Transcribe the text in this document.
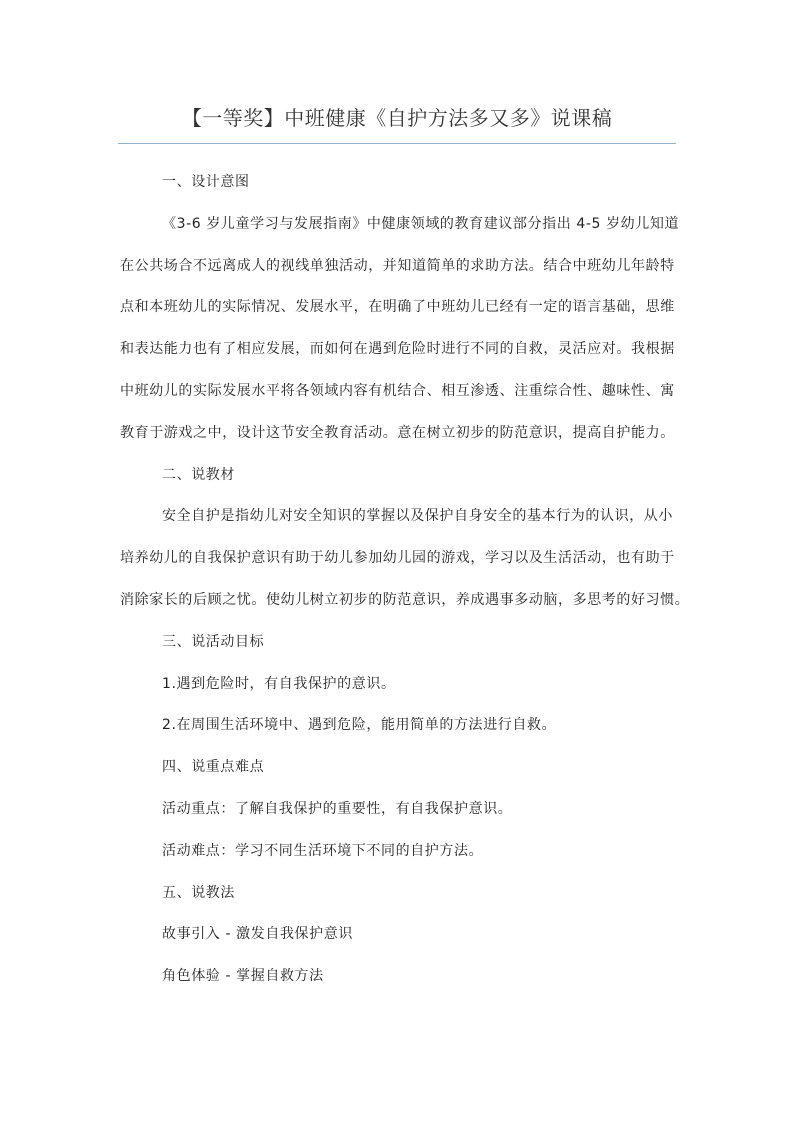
【一等奖】中班健康《自护方法多又多》说课稿
一、设计意图
《3-6 岁儿童学习与发展指南》中健康领域的教育建议部分指出 4-5 岁幼儿知道
在公共场合不远离成人的视线单独活动，并知道简单的求助方法。结合中班幼儿年龄特
点和本班幼儿的实际情况、发展水平，在明确了中班幼儿已经有一定的语言基础，思维
和表达能力也有了相应发展，而如何在遇到危险时进行不同的自救，灵活应对。我根据
中班幼儿的实际发展水平将各领域内容有机结合、相互渗透、注重综合性、趣味性、寓
教育于游戏之中，设计这节安全教育活动。意在树立初步的防范意识，提高自护能力。
二、说教材
安全自护是指幼儿对安全知识的掌握以及保护自身安全的基本行为的认识，从小
培养幼儿的自我保护意识有助于幼儿参加幼儿园的游戏，学习以及生活活动，也有助于
消除家长的后顾之忧。使幼儿树立初步的防范意识，养成遇事多动脑，多思考的好习惯。
三、说活动目标
1.遇到危险时，有自我保护的意识。
2.在周围生活环境中、遇到危险，能用简单的方法进行自救。
四、说重点难点
活动重点：了解自我保护的重要性，有自我保护意识。
活动难点：学习不同生活环境下不同的自护方法。
五、说教法
故事引入 - 激发自我保护意识
角色体验 - 掌握自救方法
